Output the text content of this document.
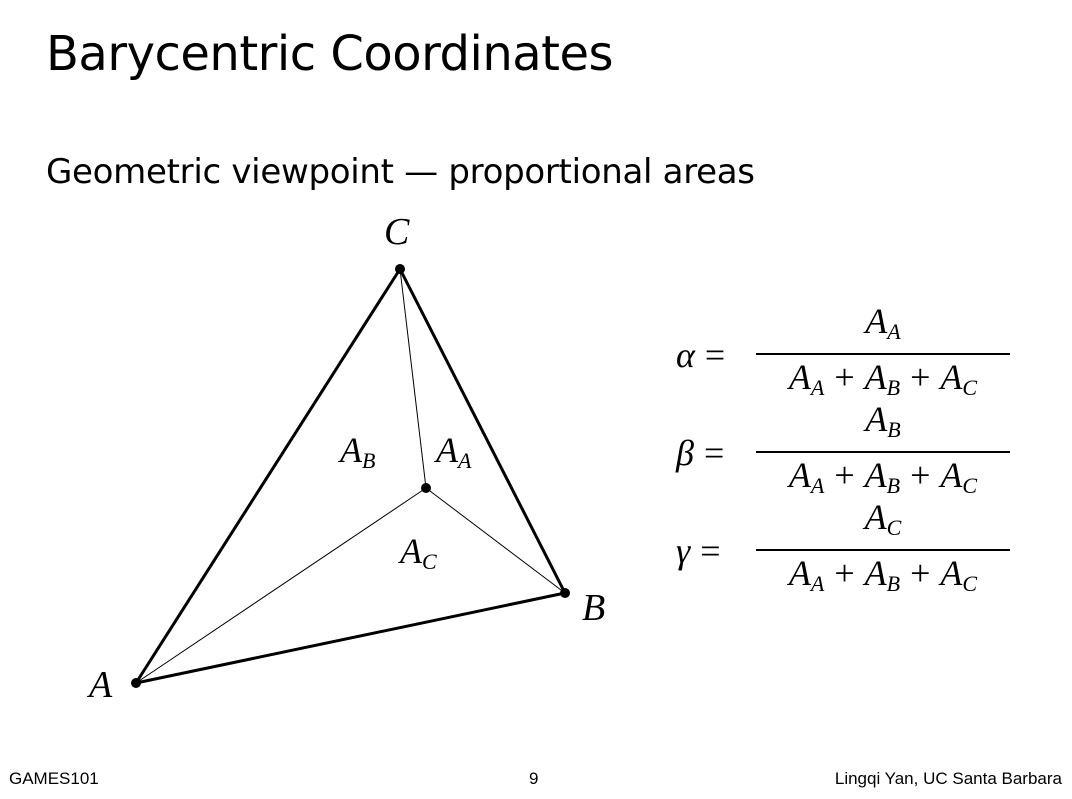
Barycentric Coordinates
Geometric viewpoint — proportional areas
C
B
A
AB AA
AC
$\alpha = \frac{A_A}{A_A + A_B + A_C}$
$\beta = \frac{A_B}{A_A + A_B + A_C}$
$\gamma = \frac{A_C}{A_A + A_B + A_C}$
GAMES101	9	Lingqi Yan, UC Santa Barbara
